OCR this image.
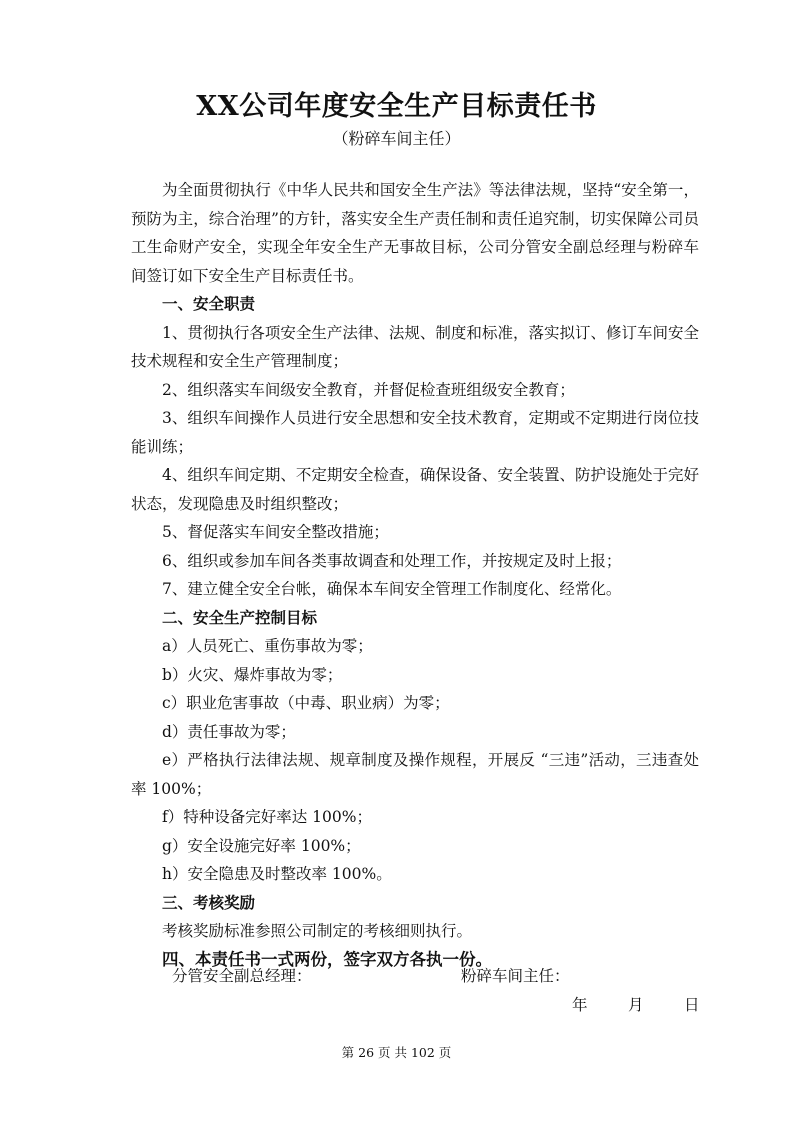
XX公司年度安全生产目标责任书
（粉碎车间主任）

为全面贯彻执行《中华人民共和国安全生产法》等法律法规，坚持“安全第一，预防为主，综合治理”的方针，落实安全生产责任制和责任追究制，切实保障公司员工生命财产安全，实现全年安全生产无事故目标，公司分管安全副总经理与粉碎车间签订如下安全生产目标责任书。

一、安全职责

1、贯彻执行各项安全生产法律、法规、制度和标准，落实拟订、修订车间安全技术规程和安全生产管理制度；

2、组织落实车间级安全教育，并督促检查班组级安全教育；

3、组织车间操作人员进行安全思想和安全技术教育，定期或不定期进行岗位技能训练；

4、组织车间定期、不定期安全检查，确保设备、安全装置、防护设施处于完好状态，发现隐患及时组织整改；

5、督促落实车间安全整改措施；

6、组织或参加车间各类事故调查和处理工作，并按规定及时上报；

7、建立健全安全台帐，确保本车间安全管理工作制度化、经常化。

二、安全生产控制目标

a）人员死亡、重伤事故为零；

b）火灾、爆炸事故为零；

c）职业危害事故（中毒、职业病）为零；

d）责任事故为零；

e）严格执行法律法规、规章制度及操作规程，开展反 “三违”活动，三违查处率 100%；

f）特种设备完好率达 100%；

g）安全设施完好率 100%；

h）安全隐患及时整改率 100%。

三、考核奖励

考核奖励标准参照公司制定的考核细则执行。

四、本责任书一式两份，签字双方各执一份。

分管安全副总经理：	粉碎车间主任：
年	月	日
第 26 页 共 102 页
